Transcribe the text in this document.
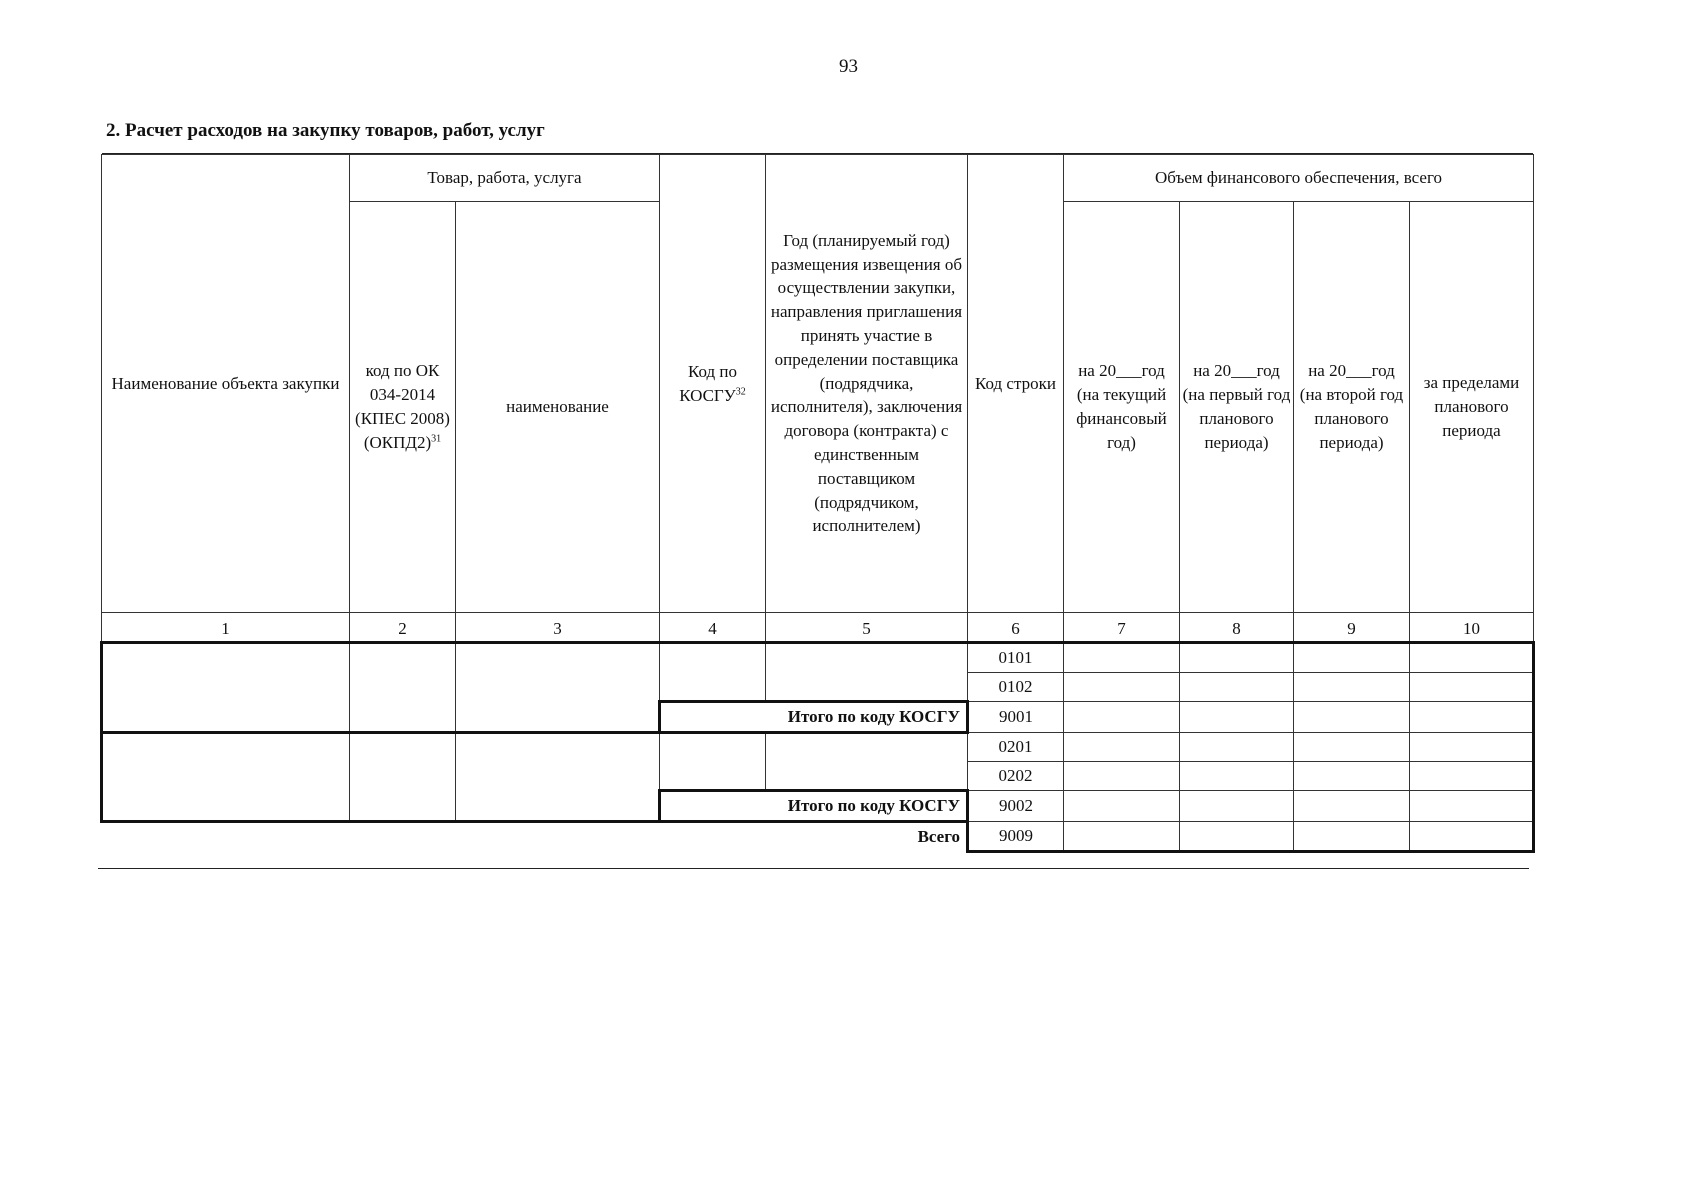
93
2. Расчет расходов на закупку товаров, работ, услуг
Наименование объекта закупки	Товар, работа, услуга		Код по КОСГУ$^{32}$	Год (планируемый год) размещения извещения об осуществлении закупки, направления приглашения принять участие в определении поставщика (подрядчика, исполнителя), заключения договора (контракта) с единственным поставщиком (подрядчиком, исполнителем)	Код строки	Объем финансового обеспечения, всего			
	код по ОК 034-2014 (КПЕС 2008) (ОКПД2)$^{31}$	наименование				на 20___год (на текущий финансовый год)	на 20___год (на первый год планового периода)	на 20___год (на второй год планового периода)	за пределами планового периода
1	2	3	4	5	6	7	8	9	10
					0101				
					0102				
			Итого по коду КОСГУ		9001				
					0201				
					0202				
			Итого по коду КОСГУ		9002				
				Всего	9009				
